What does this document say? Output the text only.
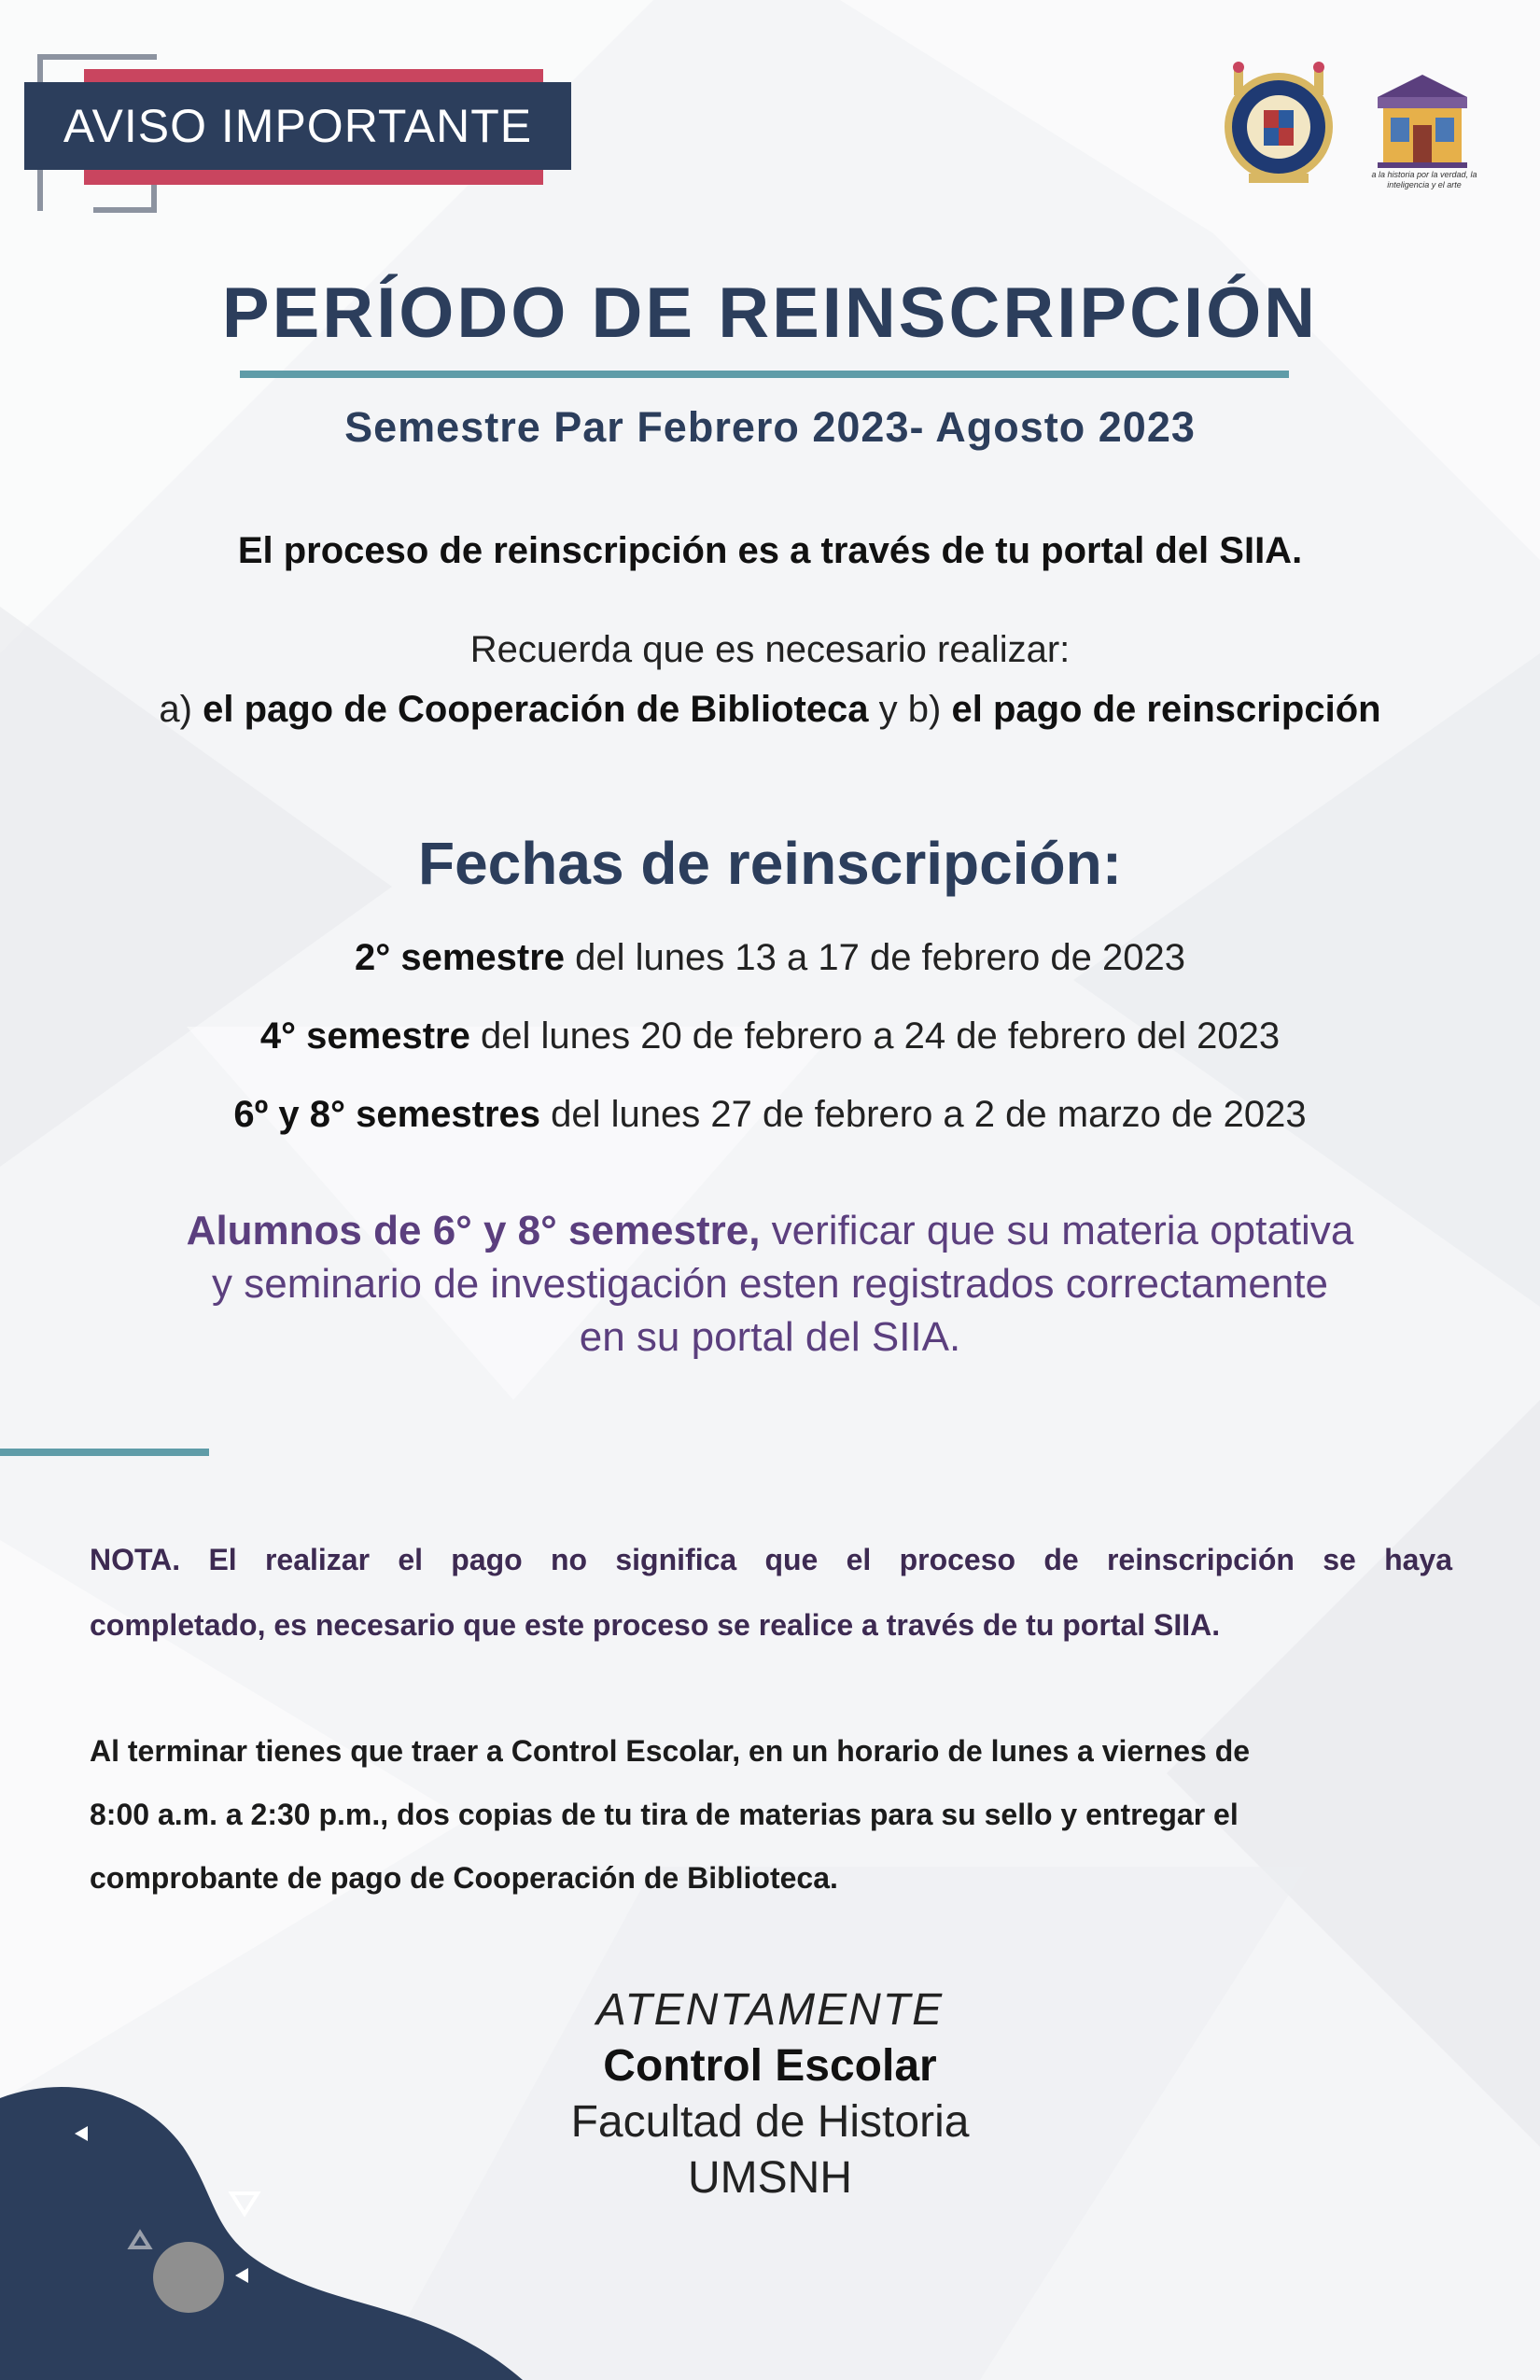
AVISO IMPORTANTE
a la historia por la verdad, la inteligencia y el arte
PERÍODO DE REINSCRIPCIÓN
Semestre Par Febrero 2023- Agosto 2023
El proceso de reinscripción es a través de tu portal del SIIA.
Recuerda que es necesario realizar:
a) el pago de Cooperación de Biblioteca y b) el pago de reinscripción
Fechas de reinscripción:
2° semestre del lunes 13 a 17 de febrero de 2023
4° semestre del lunes 20 de febrero a 24 de febrero del 2023
6º y 8° semestres del lunes 27 de febrero a 2 de marzo de 2023
Alumnos de 6° y 8° semestre, verificar que su materia optativa
y seminario de investigación esten registrados correctamente
en su portal del SIIA.
NOTA. El realizar el pago no significa que el proceso de reinscripción se haya
completado, es necesario que este proceso se realice a través de tu portal SIIA.
Al terminar tienes que traer a Control Escolar, en un horario de lunes a viernes de
8:00 a.m. a 2:30 p.m., dos copias de tu tira de materias para su sello y entregar el
comprobante de pago de Cooperación de Biblioteca.
ATENTAMENTE
Control Escolar
Facultad de Historia
UMSNH
